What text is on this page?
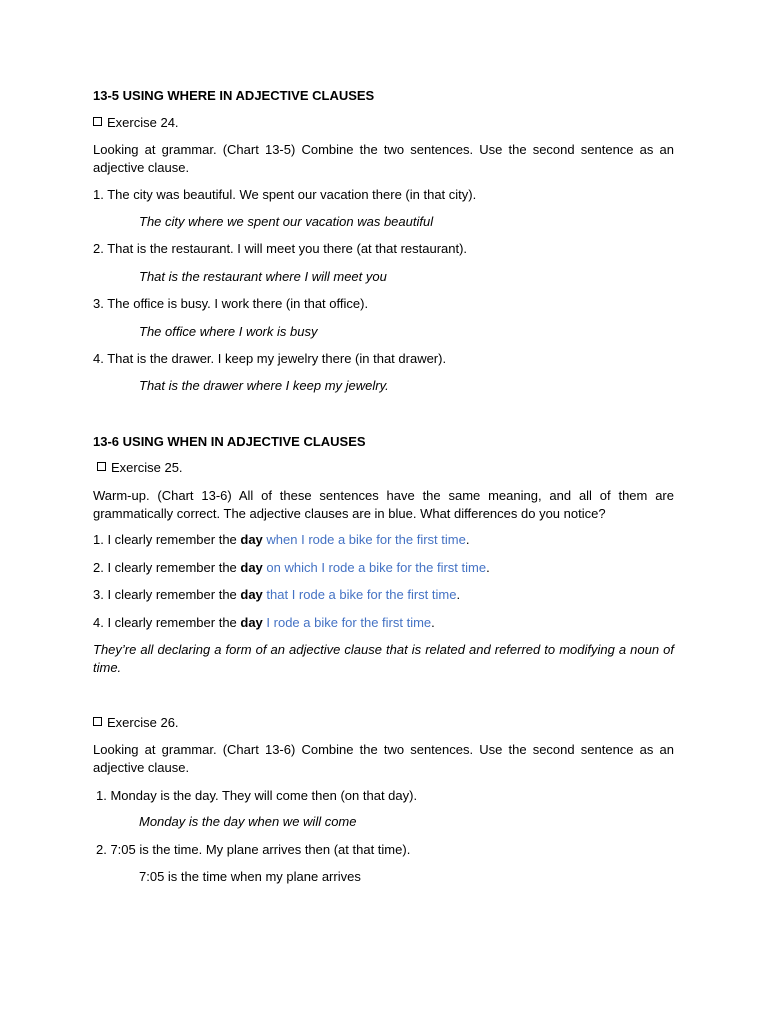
13-5 USING WHERE IN ADJECTIVE CLAUSES
Exercise 24.
Looking at grammar. (Chart 13-5) Combine the two sentences. Use the second sentence as an adjective clause.
1. The city was beautiful. We spent our vacation there (in that city).
The city where we spent our vacation was beautiful
2. That is the restaurant. I will meet you there (at that restaurant).
That is the restaurant where I will meet you
3. The office is busy. I work there (in that office).
The office where I work is busy
4. That is the drawer. I keep my jewelry there (in that drawer).
That is the drawer where I keep my jewelry.
13-6 USING WHEN IN ADJECTIVE CLAUSES
Exercise 25.
Warm-up. (Chart 13-6) All of these sentences have the same meaning, and all of them are grammatically correct. The adjective clauses are in blue. What differences do you notice?
1. I clearly remember the day when I rode a bike for the first time.
2. I clearly remember the day on which I rode a bike for the first time.
3. I clearly remember the day that I rode a bike for the first time.
4. I clearly remember the day I rode a bike for the first time.
They’re all declaring a form of an adjective clause that is related and referred to modifying a noun of time.
Exercise 26.
Looking at grammar. (Chart 13-6) Combine the two sentences. Use the second sentence as an adjective clause.
1. Monday is the day. They will come then (on that day).
Monday is the day when we will come
2. 7:05 is the time. My plane arrives then (at that time).
7:05 is the time when my plane arrives
